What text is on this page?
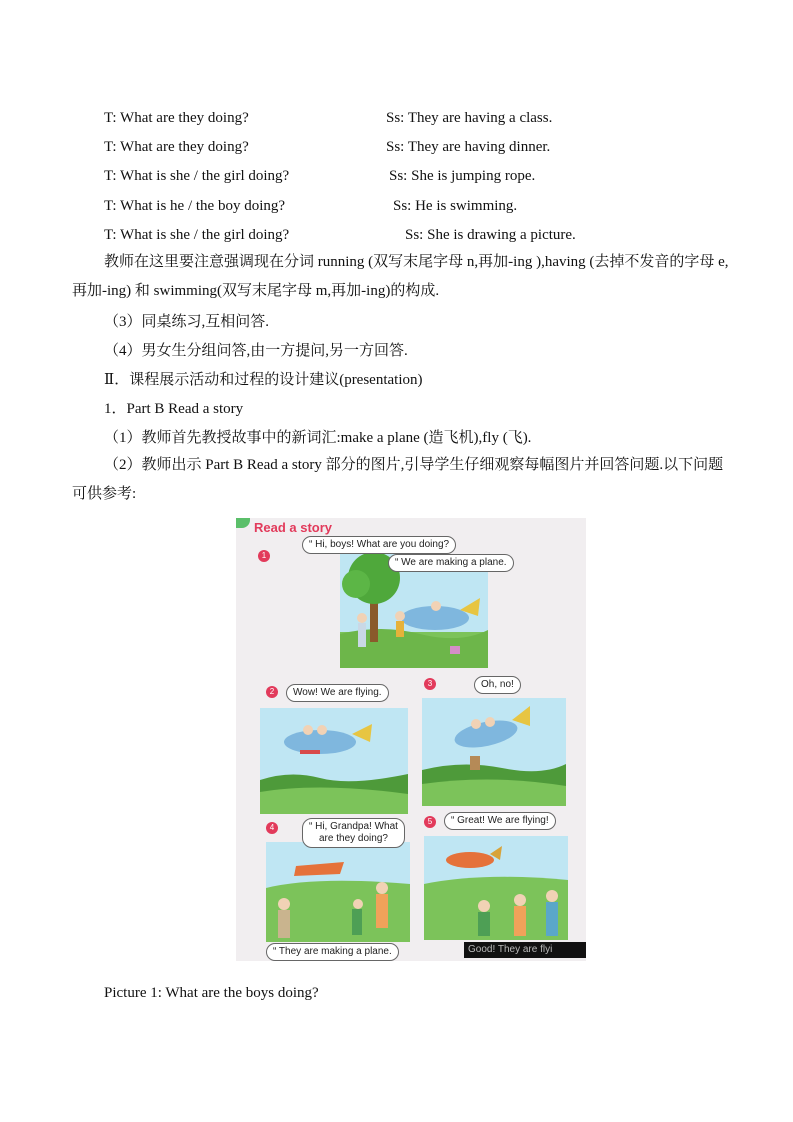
T: What are they doing?	Ss: They are having a class.
T: What are they doing?	Ss: They are having dinner.
T: What is she / the girl doing?	Ss: She is jumping rope.
T: What is he / the boy doing?	Ss: He is swimming.
T: What is she / the girl doing?	Ss: She is drawing a picture.
教师在这里要注意强调现在分词 running (双写末尾字母 n,再加-ing ),having (去掉不发音的字母 e,再加-ing) 和 swimming(双写末尾字母 m,再加-ing)的构成.
（3）同桌练习,互相问答.
（4）男女生分组问答,由一方提问,另一方回答.
Ⅱ．课程展示活动和过程的设计建议(presentation)
1．Part B Read a story
（1）教师首先教授故事中的新词汇:make a plane (造飞机),fly (飞).
（2）教师出示 Part B Read a story 部分的图片,引导学生仔细观察每幅图片并回答问题.以下问题可供参考:
Read a story
1
“ Hi, boys! What are you doing?
“ We are making a plane.
2	Wow! We are flying.
3	Oh, no!
4	“ Hi, Grandpa! What
are they doing?
“ They are making a plane.
5	“ Great! We are flying!
Good! They are flyi
Picture 1: What are the boys doing?
